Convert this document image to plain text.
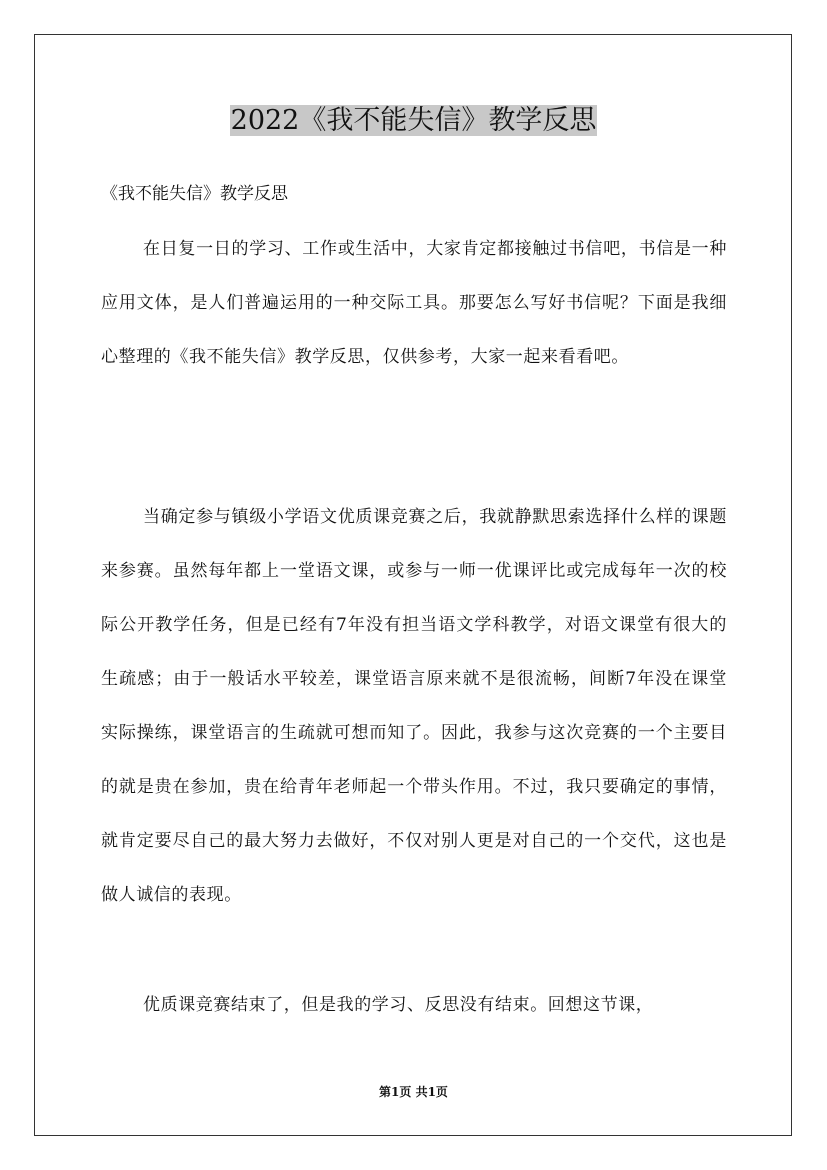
2022《我不能失信》教学反思

《我不能失信》教学反思

在日复一日的学习、工作或生活中，大家肯定都接触过书信吧，书信是一种应用文体，是人们普遍运用的一种交际工具。那要怎么写好书信呢？下面是我细心整理的《我不能失信》教学反思，仅供参考，大家一起来看看吧。

当确定参与镇级小学语文优质课竞赛之后，我就静默思索选择什么样的课题来参赛。虽然每年都上一堂语文课，或参与一师一优课评比或完成每年一次的校际公开教学任务，但是已经有7年没有担当语文学科教学，对语文课堂有很大的生疏感；由于一般话水平较差，课堂语言原来就不是很流畅，间断7年没在课堂实际操练，课堂语言的生疏就可想而知了。因此，我参与这次竞赛的一个主要目的就是贵在参加，贵在给青年老师起一个带头作用。不过，我只要确定的事情，就肯定要尽自己的最大努力去做好，不仅对别人更是对自己的一个交代，这也是做人诚信的表现。

优质课竞赛结束了，但是我的学习、反思没有结束。回想这节课，

第1页 共1页
